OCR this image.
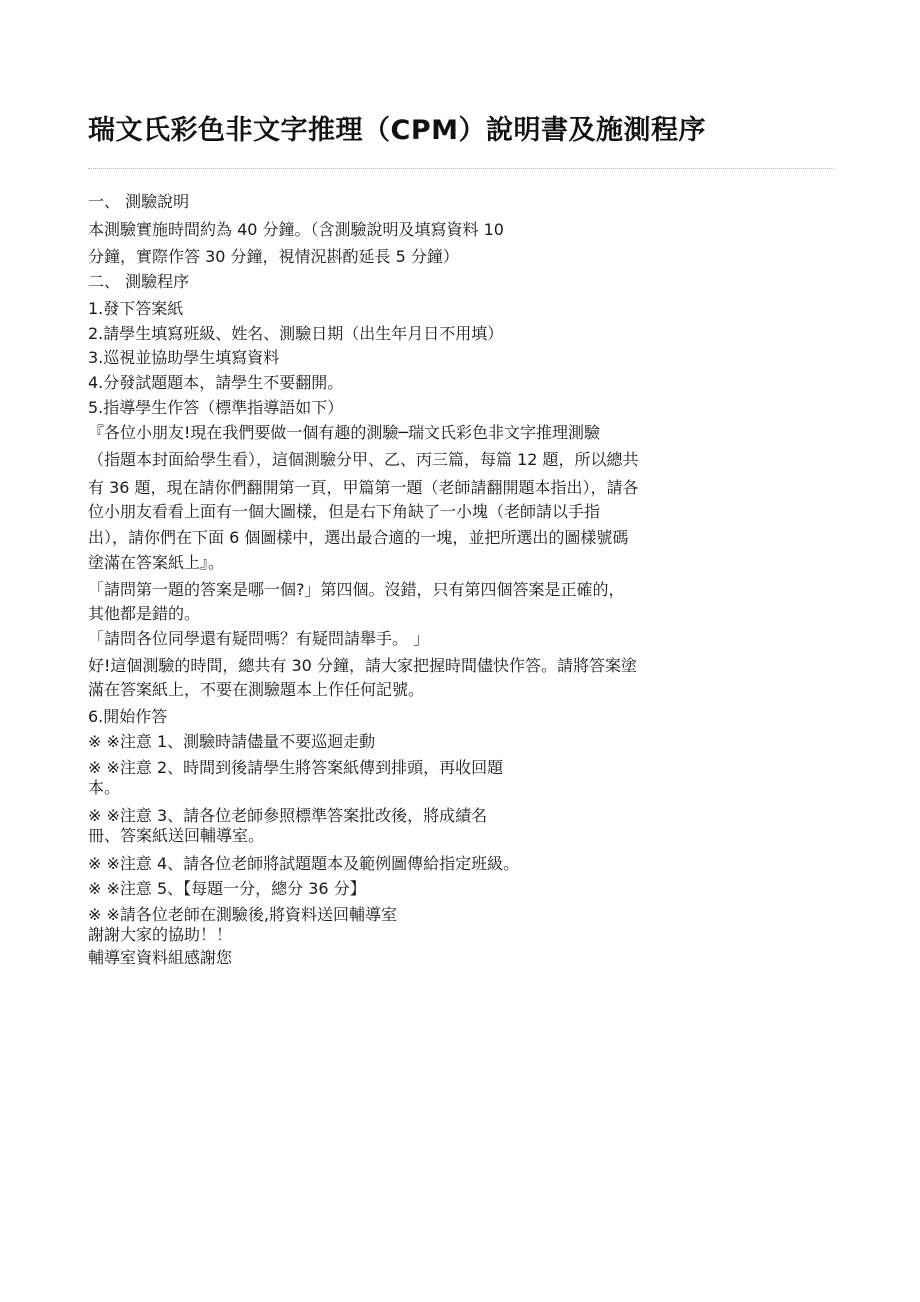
瑞文氏彩色非文字推理（CPM）說明書及施測程序

一、 測驗說明

本測驗實施時間約為 40 分鐘。（含測驗說明及填寫資料 10

分鐘，實際作答 30 分鐘，視情況斟酌延長 5 分鐘）

二、 測驗程序

1.發下答案紙

2.請學生填寫班級、姓名、測驗日期（出生年月日不用填）

3.巡視並協助學生填寫資料

4.分發試題題本，請學生不要翻開。

5.指導學生作答（標準指導語如下）

『各位小朋友!現在我們要做一個有趣的測驗─瑞文氏彩色非文字推理測驗

（指題本封面給學生看），這個測驗分甲、乙、丙三篇，每篇 12 題，所以總共

有 36 題，現在請你們翻開第一頁，甲篇第一題（老師請翻開題本指出），請各

位小朋友看看上面有一個大圖樣，但是右下角缺了一小塊（老師請以手指

出），請你們在下面 6 個圖樣中，選出最合適的一塊，並把所選出的圖樣號碼

塗滿在答案紙上』。

「請問第一題的答案是哪一個?」第四個。沒錯，只有第四個答案是正確的，

其他都是錯的。

「請問各位同學還有疑問嗎？有疑問請舉手。 」

好!這個測驗的時間，總共有 30 分鐘，請大家把握時間儘快作答。請將答案塗

滿在答案紙上，不要在測驗題本上作任何記號。

6.開始作答

※ ※注意 1、測驗時請儘量不要巡迴走動

※ ※注意 2、時間到後請學生將答案紙傳到排頭，再收回題

本。

※ ※注意 3、請各位老師參照標準答案批改後，將成績名

冊、答案紙送回輔導室。

※ ※注意 4、請各位老師將試題題本及範例圖傳給指定班級。

※ ※注意 5、【每題一分，總分 36 分】

※ ※請各位老師在測驗後,將資料送回輔導室

謝謝大家的協助！！

輔導室資料組感謝您
